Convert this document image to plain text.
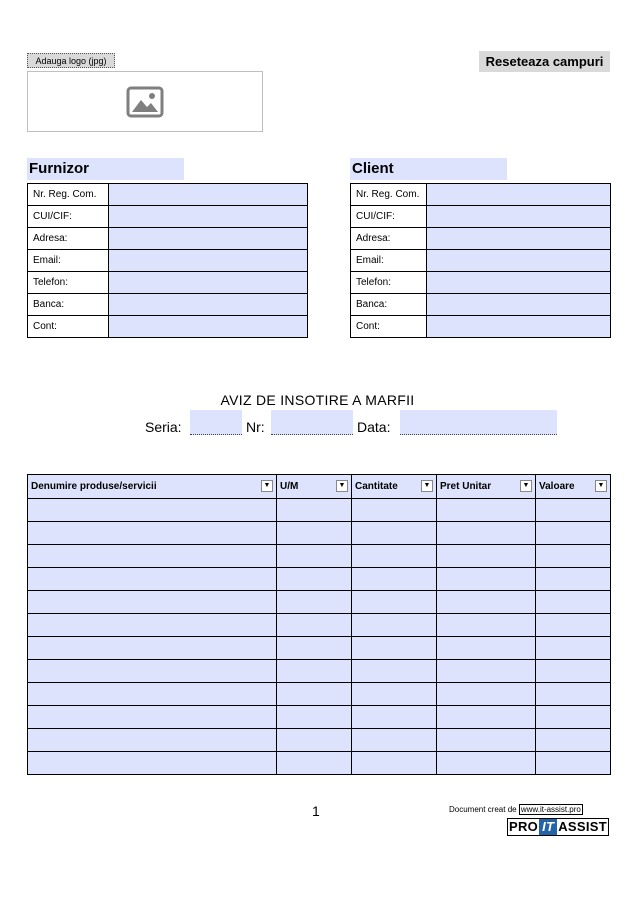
Adauga logo (jpg)	Reseteaza campuri
Furnizor
Nr. Reg. Com.	
CUI/CIF:	
Adresa:	
Email:	
Telefon:	
Banca:	
Cont:	
Client
Nr. Reg. Com.	
CUI/CIF:	
Adresa:	
Email:	
Telefon:	
Banca:	
Cont:	
AVIZ DE INSOTIRE A MARFII
Seria:	Nr:	Data:
Denumire produse/servicii ▼	U/M ▼	Cantitate ▼	Pret Unitar ▼	Valoare ▼

1	Document creat de www.it-assist.pro
PRO IT ASSIST
